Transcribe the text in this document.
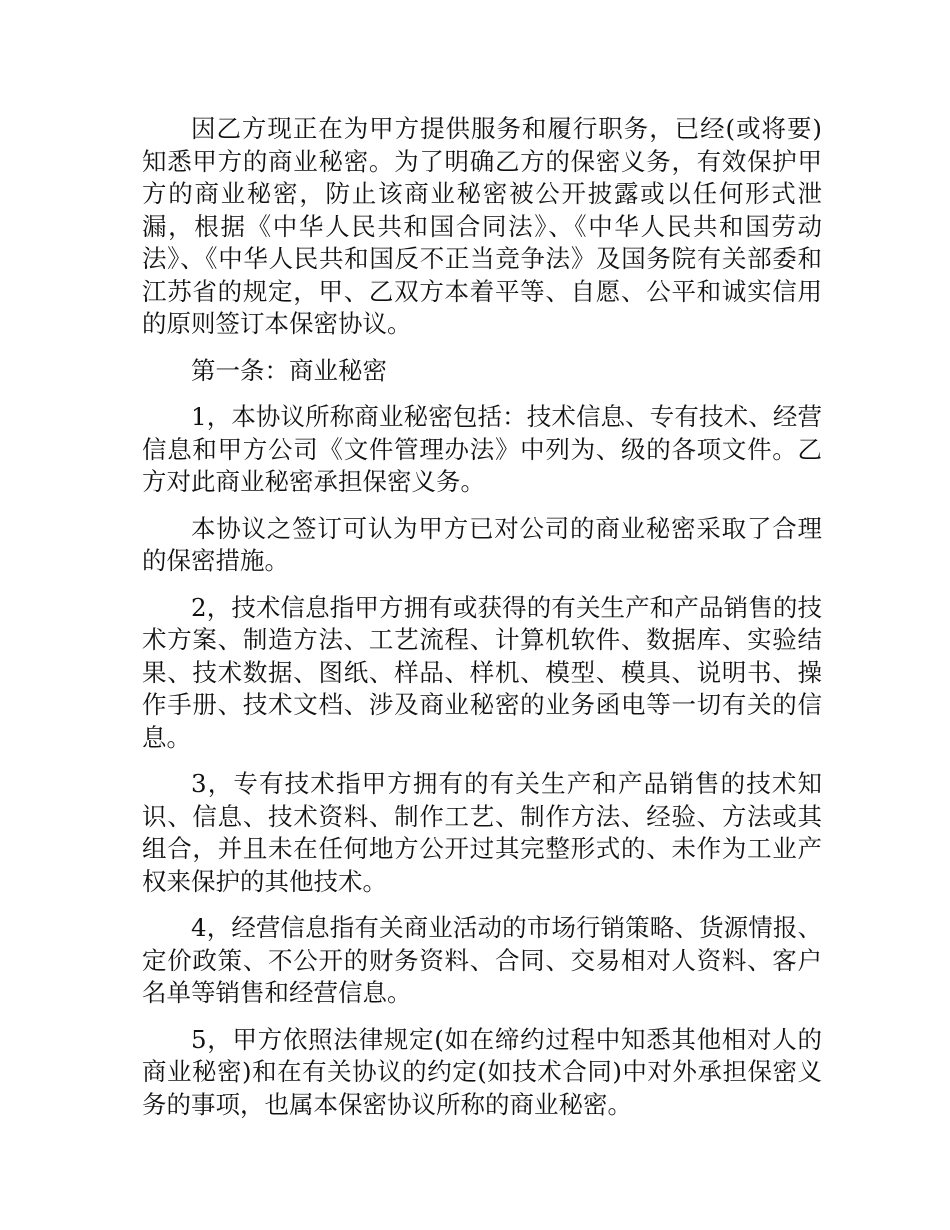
因乙方现正在为甲方提供服务和履行职务，已经(或将要)知悉甲方的商业秘密。为了明确乙方的保密义务，有效保护甲方的商业秘密，防止该商业秘密被公开披露或以任何形式泄漏，根据《中华人民共和国合同法》、《中华人民共和国劳动法》、《中华人民共和国反不正当竞争法》及国务院有关部委和江苏省的规定，甲、乙双方本着平等、自愿、公平和诚实信用的原则签订本保密协议。

第一条：商业秘密

1，本协议所称商业秘密包括：技术信息、专有技术、经营信息和甲方公司《文件管理办法》中列为、级的各项文件。乙方对此商业秘密承担保密义务。

本协议之签订可认为甲方已对公司的商业秘密采取了合理的保密措施。

2，技术信息指甲方拥有或获得的有关生产和产品销售的技术方案、制造方法、工艺流程、计算机软件、数据库、实验结果、技术数据、图纸、样品、样机、模型、模具、说明书、操作手册、技术文档、涉及商业秘密的业务函电等一切有关的信息。

3，专有技术指甲方拥有的有关生产和产品销售的技术知识、信息、技术资料、制作工艺、制作方法、经验、方法或其组合，并且未在任何地方公开过其完整形式的、未作为工业产权来保护的其他技术。

4，经营信息指有关商业活动的市场行销策略、货源情报、定价政策、不公开的财务资料、合同、交易相对人资料、客户名单等销售和经营信息。

5，甲方依照法律规定(如在缔约过程中知悉其他相对人的商业秘密)和在有关协议的约定(如技术合同)中对外承担保密义务的事项，也属本保密协议所称的商业秘密。
